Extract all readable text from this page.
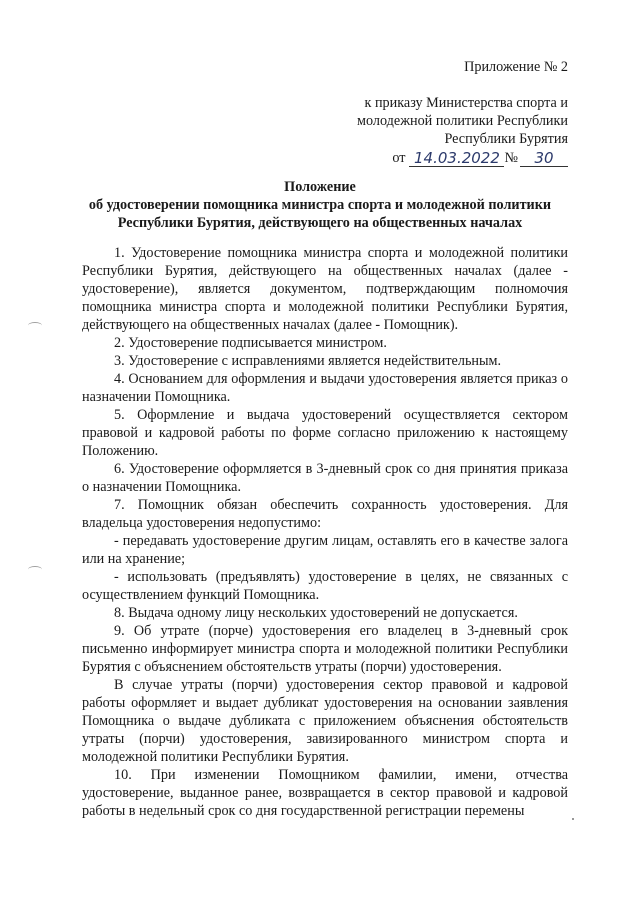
Приложение № 2
к приказу Министерства спорта и
молодежной политики Республики
Республики Бурятия
от 14.03.2022 №	30
Положение
об удостоверении помощника министра спорта и молодежной политики
Республики Бурятия, действующего на общественных началах

1. Удостоверение помощника министра спорта и молодежной политики Республики Бурятия, действующего на общественных началах (далее - удостоверение), является документом, подтверждающим полномочия помощника министра спорта и молодежной политики Республики Бурятия, действующего на общественных началах (далее - Помощник).

2. Удостоверение подписывается министром.

3. Удостоверение с исправлениями является недействительным.

4. Основанием для оформления и выдачи удостоверения является приказ о назначении Помощника.

5. Оформление и выдача удостоверений осуществляется сектором правовой и кадровой работы по форме согласно приложению к настоящему Положению.

6. Удостоверение оформляется в 3-дневный срок со дня принятия приказа о назначении Помощника.

7. Помощник обязан обеспечить сохранность удостоверения. Для владельца удостоверения недопустимо:

- передавать удостоверение другим лицам, оставлять его в качестве залога или на хранение;

- использовать (предъявлять) удостоверение в целях, не связанных с осуществлением функций Помощника.

8. Выдача одному лицу нескольких удостоверений не допускается.

9. Об утрате (порче) удостоверения его владелец в 3-дневный срок письменно информирует министра спорта и молодежной политики Республики Бурятия с объяснением обстоятельств утраты (порчи) удостоверения.

В случае утраты (порчи) удостоверения сектор правовой и кадровой работы оформляет и выдает дубликат удостоверения на основании заявления Помощника о выдаче дубликата с приложением объяснения обстоятельств утраты (порчи) удостоверения, завизированного министром спорта и молодежной политики Республики Бурятия.

10. При изменении Помощником фамилии, имени, отчества удостоверение, выданное ранее, возвращается в сектор правовой и кадровой работы в недельный срок со дня государственной регистрации перемены
